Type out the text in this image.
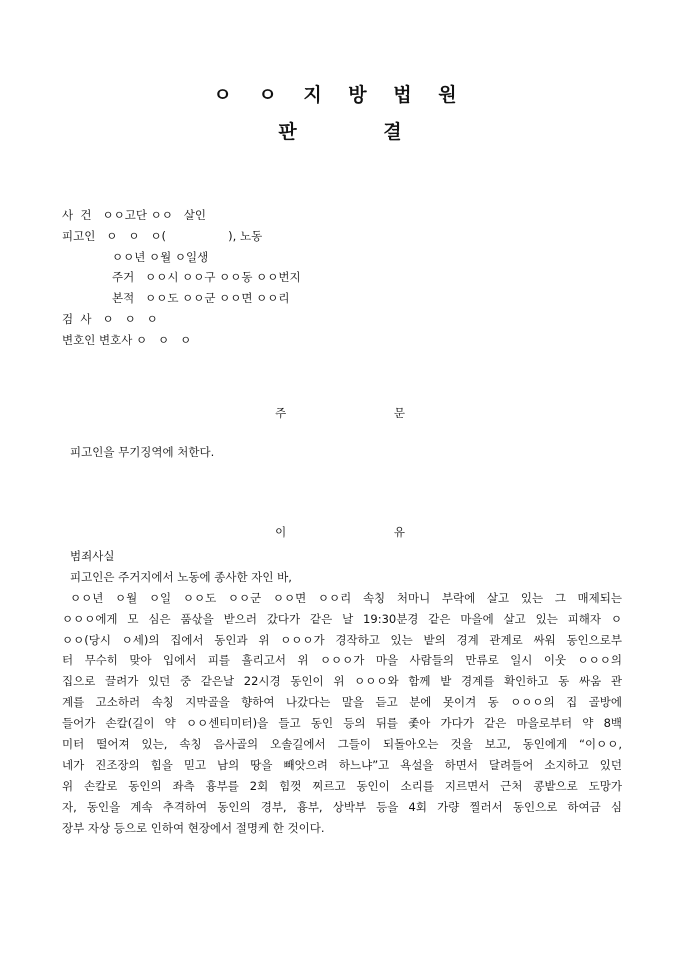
ㅇ ㅇ 지 방 법 원
판 결
사  건   ㅇㅇ고단 ㅇㅇ   살인
피고인   ㅇ   ㅇ   ㅇ(                 ), 노동
ㅇㅇ년 ㅇ월 ㅇ일생
주거   ㅇㅇ시 ㅇㅇ구 ㅇㅇ동 ㅇㅇ번지
본적   ㅇㅇ도 ㅇㅇ군 ㅇㅇ면 ㅇㅇ리
검  사   ㅇ   ㅇ   ㅇ
변호인 변호사 ㅇ   ㅇ   ㅇ
주 문
피고인을 무기징역에 처한다.
이 유
범죄사실
피고인은 주거지에서 노동에 종사한 자인 바,
ㅇㅇ년 ㅇ월 ㅇ일 ㅇㅇ도 ㅇㅇ군 ㅇㅇ면 ㅇㅇ리 속칭 처마니 부락에 살고 있는 그 매제되는
ㅇㅇㅇ에게 모 심은 품삯을 받으러 갔다가 같은 날 19:30분경 같은 마을에 살고 있는 피해자 ㅇ
ㅇㅇ(당시 ㅇ세)의 집에서 동인과 위 ㅇㅇㅇ가 경작하고 있는 밭의 경계 관계로 싸워 동인으로부
터 무수히 맞아 입에서 피를 흘리고서 위 ㅇㅇㅇ가 마을 사람들의 만류로 일시 이웃 ㅇㅇㅇ의
집으로 끌려가 있던 중 같은날 22시경 동인이 위 ㅇㅇㅇ와 함께 밭 경계를 확인하고 동 싸움 관
계를 고소하러 속칭 지막골을 향하여 나갔다는 말을 듣고 분에 못이겨 동 ㅇㅇㅇ의 집 골방에
들어가 손칼(길이 약 ㅇㅇ센티미터)을 들고 동인 등의 뒤를 좇아 가다가 같은 마을로부터 약 8백
미터 떨어져 있는, 속칭 음사골의 오솔길에서 그들이 되돌아오는 것을 보고, 동인에게 “이ㅇㅇ,
네가 진조장의 힘을 믿고 남의 땅을 빼앗으려 하느냐”고 욕설을 하면서 달려들어 소지하고 있던
위 손칼로 동인의 좌측 흉부를 2회 힘껏 찌르고 동인이 소리를 지르면서 근처 콩밭으로 도망가
자, 동인을 계속 추격하여 동인의 경부, 흉부, 상박부 등을 4회 가량 찔러서 동인으로 하여금 심
장부 자상 등으로 인하여 현장에서 절명케 한 것이다.
